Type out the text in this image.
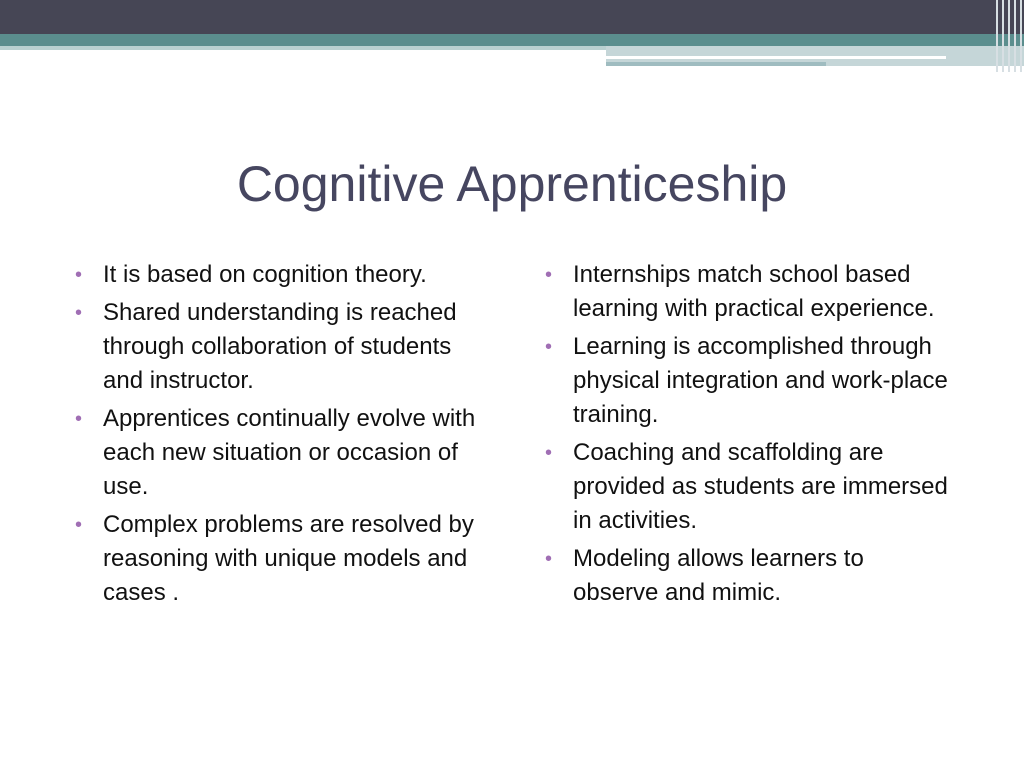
Cognitive Apprenticeship
• It is based on cognition theory.
• Shared understanding is reached through collaboration of students and instructor.
• Apprentices continually evolve with each new situation or occasion of use.
• Complex problems are resolved by reasoning with unique models and cases .
• Internships match school based learning with practical experience.
• Learning is accomplished through physical integration and work-place training.
• Coaching and scaffolding are provided as students are immersed in activities.
• Modeling allows learners to observe and mimic.
